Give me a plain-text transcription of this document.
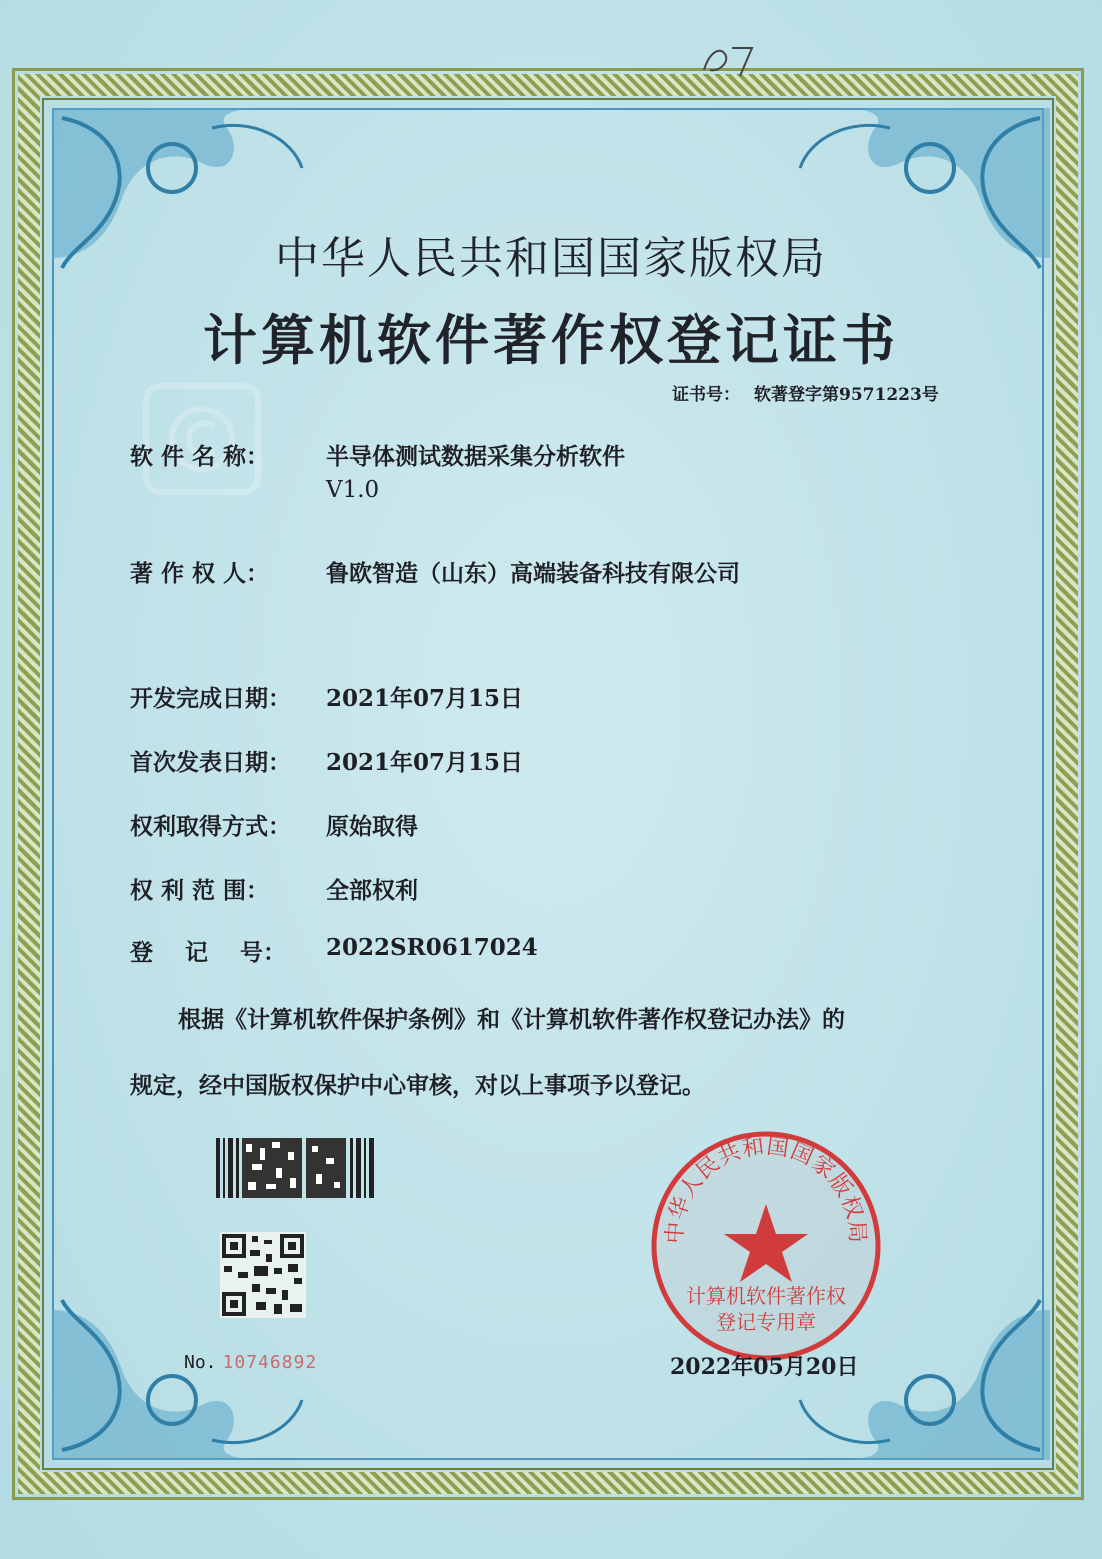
中华人民共和国国家版权局
计算机软件著作权登记证书
证书号： 软著登字第9571223号
软 件 名 称：	半导体测试数据采集分析软件
V1.0
著 作 权 人：	鲁欧智造（山东）高端装备科技有限公司
开发完成日期：	2021年07月15日
首次发表日期：	2021年07月15日
权利取得方式：	原始取得
权 利 范 围：	全部权利
登    记    号：	2022SR0617024
根据《计算机软件保护条例》和《计算机软件著作权登记办法》的
规定，经中国版权保护中心审核，对以上事项予以登记。
No. 10746892
中华人民共和国国家版权局
计算机软件著作权
登记专用章
2022年05月20日
